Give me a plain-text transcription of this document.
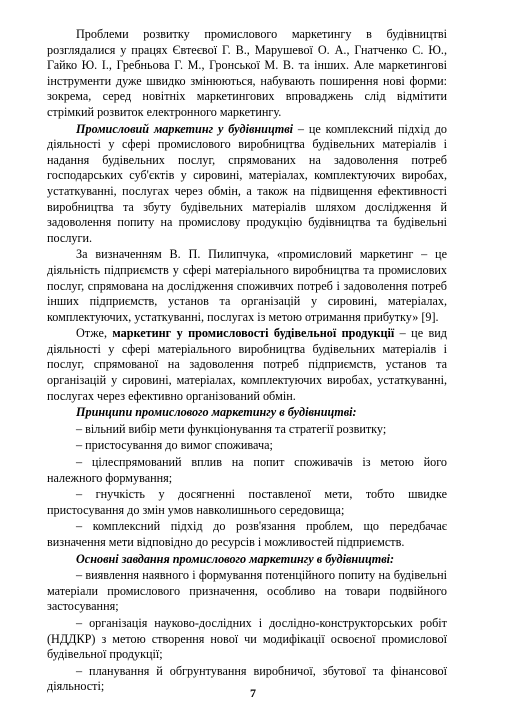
Проблеми розвитку промислового маркетингу в будівництві розглядалися у працях Євтеєвої Г. В., Марушевої О. А., Гнатченко С. Ю., Гайко Ю. І., Гребньова Г. М., Гронської М. В. та інших. Але маркетингові інструменти дуже швидко змінюються, набувають поширення нові форми: зокрема, серед новітніх маркетингових впроваджень слід відмітити стрімкий розвиток електронного маркетингу.

Промисловий маркетинг у будівництві – це комплексний підхід до діяльності у сфері промислового виробництва будівельних матеріалів і надання будівельних послуг, спрямованих на задоволення потреб господарських суб'єктів у сировині, матеріалах, комплектуючих виробах, устаткуванні, послугах через обмін, а також на підвищення ефективності виробництва та збуту будівельних матеріалів шляхом дослідження й задоволення попиту на промислову продукцію будівництва та будівельні послуги.

За визначенням В. П. Пилипчука, «промисловий маркетинг – це діяльність підприємств у сфері матеріального виробництва та промислових послуг, спрямована на дослідження споживчих потреб і задоволення потреб інших підприємств, установ та організацій у сировині, матеріалах, комплектуючих, устаткуванні, послугах із метою отримання прибутку» [9].

Отже, маркетинг у промисловості будівельної продукції – це вид діяльності у сфері матеріального виробництва будівельних матеріалів і послуг, спрямованої на задоволення потреб підприємств, установ та організацій у сировині, матеріалах, комплектуючих виробах, устаткуванні, послугах через ефективно організований обмін.

Принципи промислового маркетингу в будівництві:

– вільний вибір мети функціонування та стратегії розвитку;

– пристосування до вимог споживача;

– цілеспрямований вплив на попит споживачів із метою його належного формування;

– гнучкість у досягненні поставленої мети, тобто швидке пристосування до змін умов навколишнього середовища;

– комплексний підхід до розв'язання проблем, що передбачає визначення мети відповідно до ресурсів і можливостей підприємств.

Основні завдання промислового маркетингу в будівництві:

– виявлення наявного і формування потенційного попиту на будівельні матеріали промислового призначення, особливо на товари подвійного застосування;

– організація науково-дослідних і дослідно-конструкторських робіт (НДДКР) з метою створення нової чи модифікації освоєної промислової будівельної продукції;

– планування й обгрунтування виробничої, збутової та фінансової діяльності;	7
